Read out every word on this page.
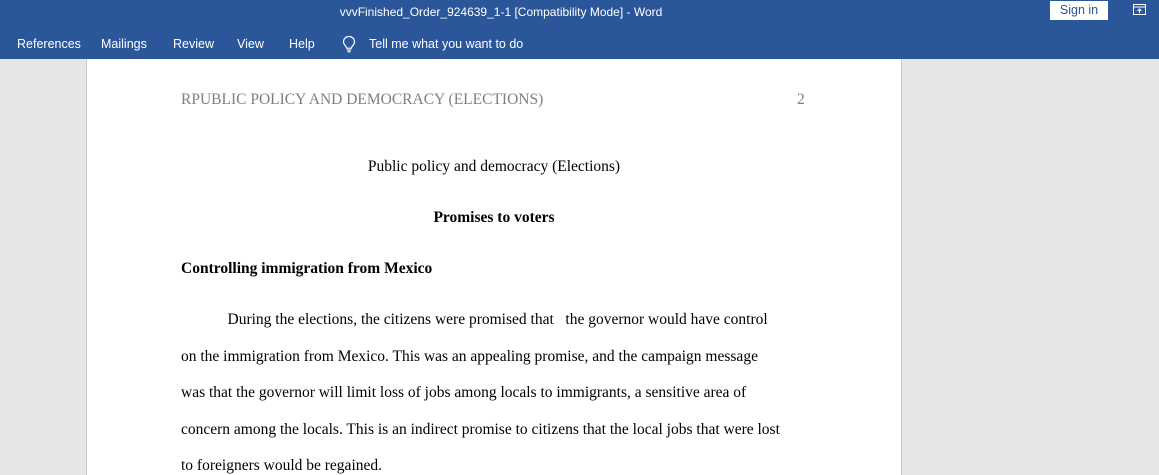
vvvFinished_Order_924639_1-1 [Compatibility Mode] - Word	Sign in
References Mailings Review View Help	Tell me what you want to do
RPUBLIC POLICY AND DEMOCRACY (ELECTIONS)	2
Public policy and democracy (Elections)
Promises to voters
Controlling immigration from Mexico
During the elections, the citizens were promised that   the governor would have control
on the immigration from Mexico. This was an appealing promise, and the campaign message
was that the governor will limit loss of jobs among locals to immigrants, a sensitive area of
concern among the locals. This is an indirect promise to citizens that the local jobs that were lost
to foreigners would be regained.
